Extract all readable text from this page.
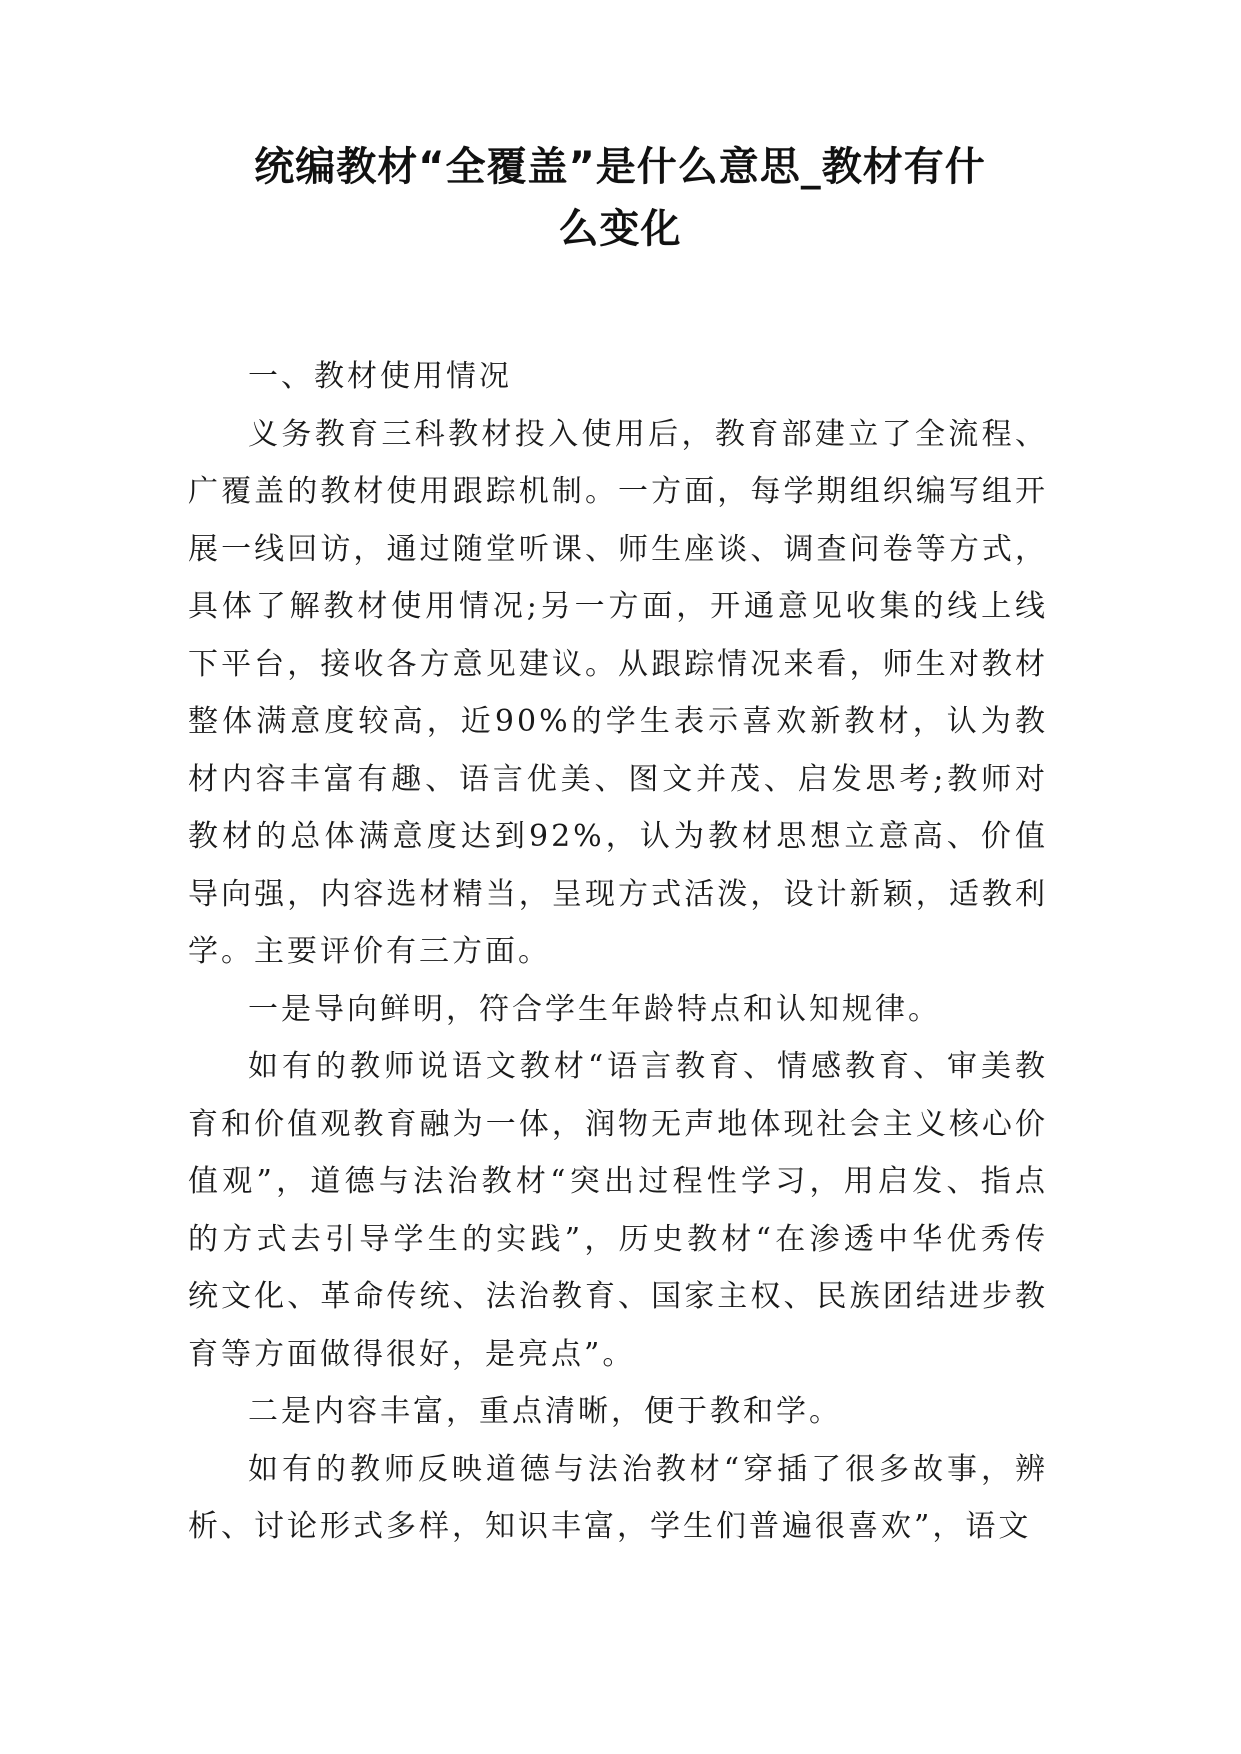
统编教材“全覆盖”是什么意思_教材有什
么变化

一、教材使用情况

义务教育三科教材投入使用后，教育部建立了全流程、广覆盖的教材使用跟踪机制。一方面，每学期组织编写组开展一线回访，通过随堂听课、师生座谈、调查问卷等方式，具体了解教材使用情况;另一方面，开通意见收集的线上线下平台，接收各方意见建议。从跟踪情况来看，师生对教材整体满意度较高，近90%的学生表示喜欢新教材，认为教材内容丰富有趣、语言优美、图文并茂、启发思考;教师对教材的总体满意度达到92%，认为教材思想立意高、价值导向强，内容选材精当，呈现方式活泼，设计新颖，适教利学。主要评价有三方面。

一是导向鲜明，符合学生年龄特点和认知规律。

如有的教师说语文教材“语言教育、情感教育、审美教育和价值观教育融为一体，润物无声地体现社会主义核心价值观”，道德与法治教材“突出过程性学习，用启发、指点的方式去引导学生的实践”，历史教材“在渗透中华优秀传统文化、革命传统、法治教育、国家主权、民族团结进步教育等方面做得很好，是亮点”。

二是内容丰富，重点清晰，便于教和学。

如有的教师反映道德与法治教材“穿插了很多故事，辨析、讨论形式多样，知识丰富，学生们普遍很喜欢”，语文
